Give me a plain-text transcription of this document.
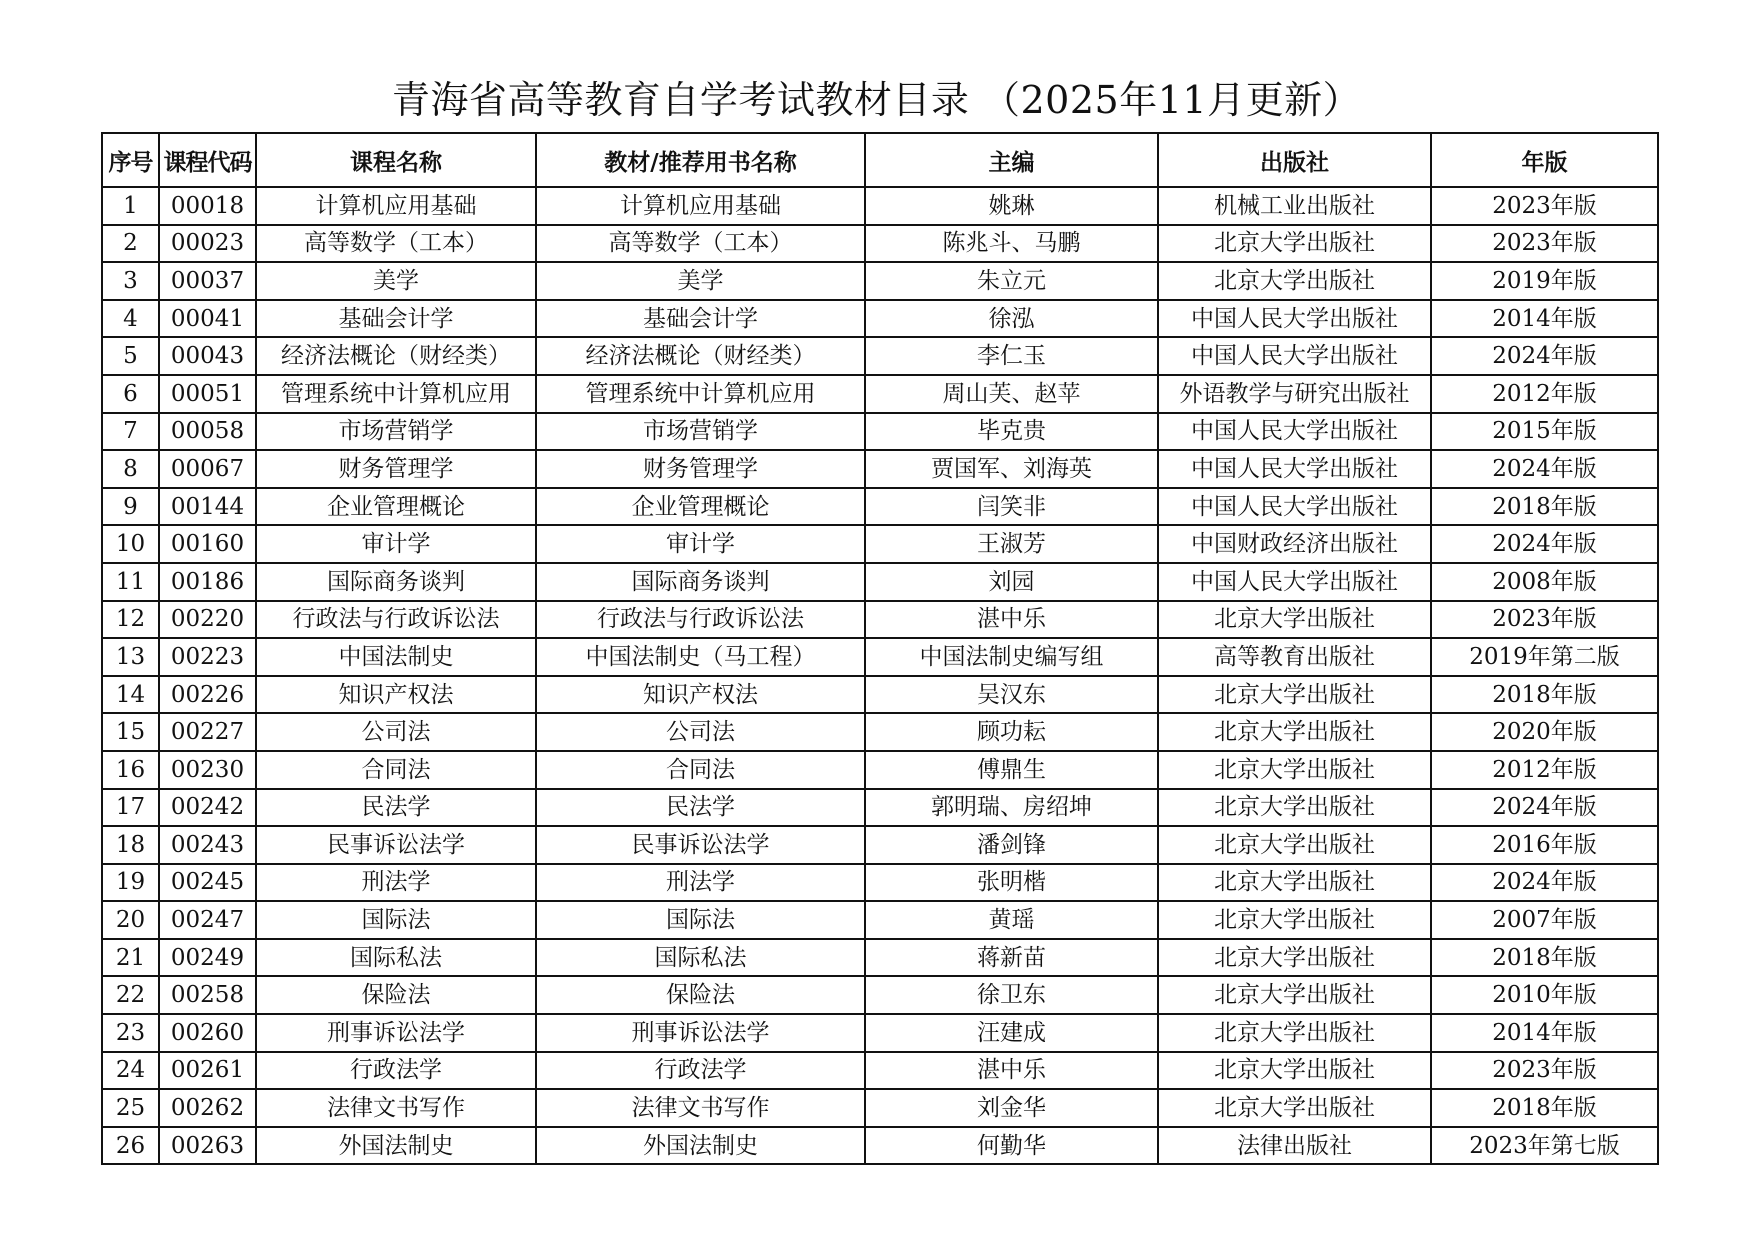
青海省高等教育自学考试教材目录 （2025年11月更新）
序号	课程代码	课程名称	教材/推荐用书名称	主编	出版社	年版
1	00018	计算机应用基础	计算机应用基础	姚琳	机械工业出版社	2023年版
2	00023	高等数学（工本）	高等数学（工本）	陈兆斗、马鹏	北京大学出版社	2023年版
3	00037	美学	美学	朱立元	北京大学出版社	2019年版
4	00041	基础会计学	基础会计学	徐泓	中国人民大学出版社	2014年版
5	00043	经济法概论（财经类）	经济法概论（财经类）	李仁玉	中国人民大学出版社	2024年版
6	00051	管理系统中计算机应用	管理系统中计算机应用	周山芙、赵苹	外语教学与研究出版社	2012年版
7	00058	市场营销学	市场营销学	毕克贵	中国人民大学出版社	2015年版
8	00067	财务管理学	财务管理学	贾国军、刘海英	中国人民大学出版社	2024年版
9	00144	企业管理概论	企业管理概论	闫笑非	中国人民大学出版社	2018年版
10	00160	审计学	审计学	王淑芳	中国财政经济出版社	2024年版
11	00186	国际商务谈判	国际商务谈判	刘园	中国人民大学出版社	2008年版
12	00220	行政法与行政诉讼法	行政法与行政诉讼法	湛中乐	北京大学出版社	2023年版
13	00223	中国法制史	中国法制史（马工程）	中国法制史编写组	高等教育出版社	2019年第二版
14	00226	知识产权法	知识产权法	吴汉东	北京大学出版社	2018年版
15	00227	公司法	公司法	顾功耘	北京大学出版社	2020年版
16	00230	合同法	合同法	傅鼎生	北京大学出版社	2012年版
17	00242	民法学	民法学	郭明瑞、房绍坤	北京大学出版社	2024年版
18	00243	民事诉讼法学	民事诉讼法学	潘剑锋	北京大学出版社	2016年版
19	00245	刑法学	刑法学	张明楷	北京大学出版社	2024年版
20	00247	国际法	国际法	黄瑶	北京大学出版社	2007年版
21	00249	国际私法	国际私法	蒋新苗	北京大学出版社	2018年版
22	00258	保险法	保险法	徐卫东	北京大学出版社	2010年版
23	00260	刑事诉讼法学	刑事诉讼法学	汪建成	北京大学出版社	2014年版
24	00261	行政法学	行政法学	湛中乐	北京大学出版社	2023年版
25	00262	法律文书写作	法律文书写作	刘金华	北京大学出版社	2018年版
26	00263	外国法制史	外国法制史	何勤华	法律出版社	2023年第七版
